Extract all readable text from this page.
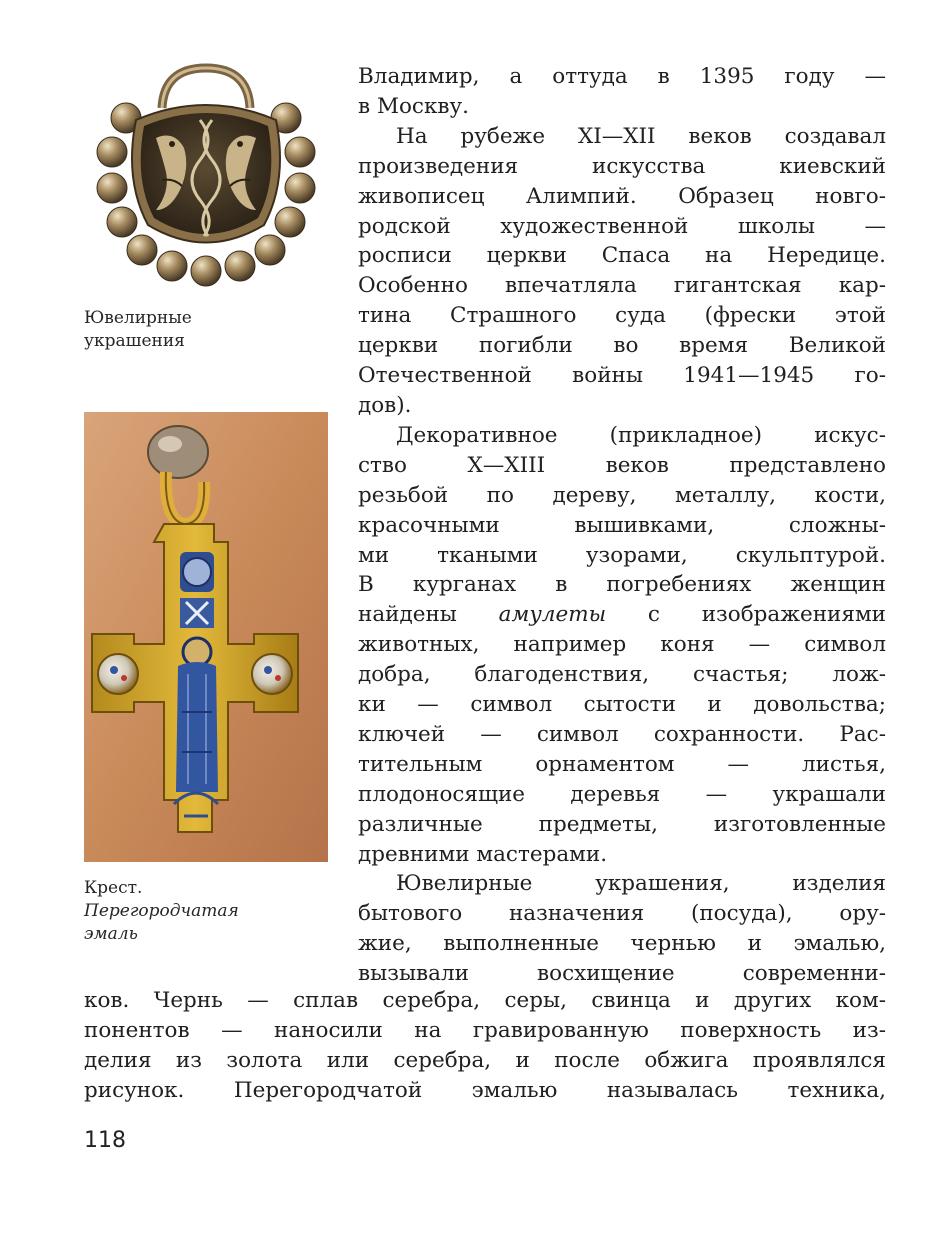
Ювелирные
украшения
Крест.
Перегородчатая
эмаль
Владимир, а оттуда в 1395 году —
в Москву.
На рубеже XI—XII веков создавал
произведения искусства киевский
живописец Алимпий. Образец новго-
родской художественной школы —
росписи церкви Спаса на Нередице.
Особенно впечатляла гигантская кар-
тина Страшного суда (фрески этой
церкви погибли во время Великой
Отечественной войны 1941—1945 го-
дов).
Декоративное (прикладное) искус-
ство X—XIII веков представлено
резьбой по дереву, металлу, кости,
красочными вышивками, сложны-
ми ткаными узорами, скульптурой.
В курганах в погребениях женщин
найдены амулеты с изображениями
животных, например коня — символ
добра, благоденствия, счастья; лож-
ки — символ сытости и довольства;
ключей — символ сохранности. Рас-
тительным орнаментом — листья,
плодоносящие деревья — украшали
различные предметы, изготовленные
древними мастерами.
Ювелирные украшения, изделия
бытового назначения (посуда), ору-
жие, выполненные чернью и эмалью,
вызывали восхищение современни-
ков. Чернь — сплав серебра, серы, свинца и других ком-
понентов — наносили на гравированную поверхность из-
делия из золота или серебра, и после обжига проявлялся
рисунок. Перегородчатой эмалью называлась техника,
118
